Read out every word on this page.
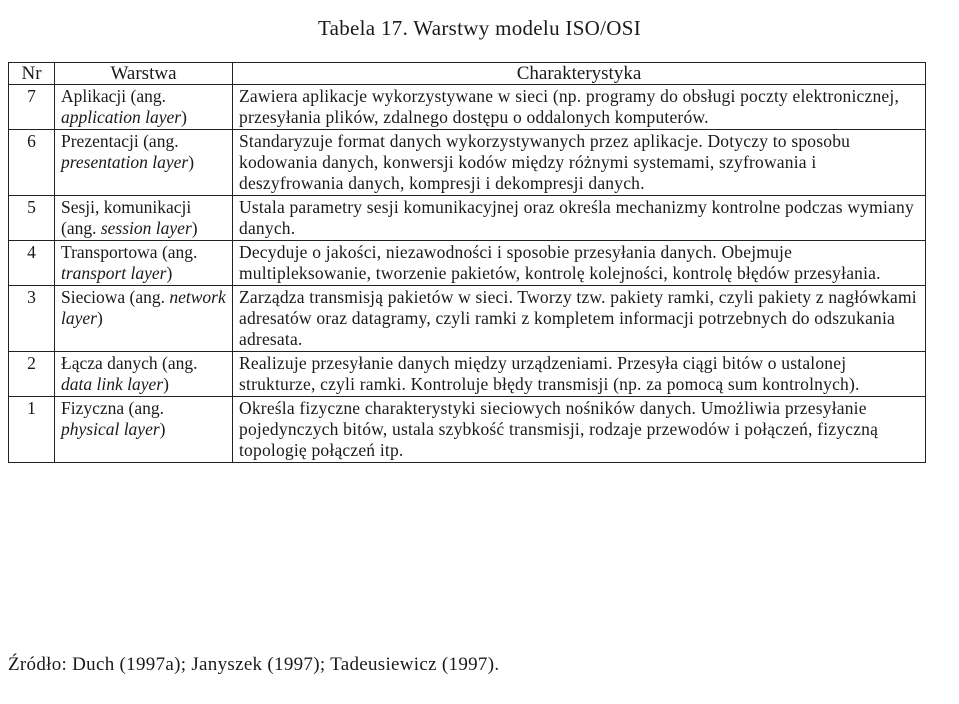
Tabela 17. Warstwy modelu ISO/OSI
Nr	Warstwa	Charakterystyka
7	Aplikacji (ang. application layer)	Zawiera aplikacje wykorzystywane w sieci (np. programy do obsługi poczty elektronicznej, przesyłania plików, zdalnego dostępu o oddalonych komputerów.
6	Prezentacji (ang. presentation layer)	Standaryzuje format danych wykorzystywanych przez aplikacje. Dotyczy to sposobu kodowania danych, konwersji kodów między różnymi systemami, szyfrowania i deszyfrowania danych, kompresji i dekompresji danych.
5	Sesji, komunikacji (ang. session layer)	Ustala parametry sesji komunikacyjnej oraz określa mechanizmy kontrolne podczas wymiany danych.
4	Transportowa (ang. transport layer)	Decyduje o jakości, niezawodności i sposobie przesyłania danych. Obejmuje multipleksowanie, tworzenie pakietów, kontrolę kolejności, kontrolę błędów przesyłania.
3	Sieciowa (ang. network layer)	Zarządza transmisją pakietów w sieci. Tworzy tzw. pakiety ramki, czyli pakiety z nagłówkami adresatów oraz datagramy, czyli ramki z kompletem informacji potrzebnych do odszukania adresata.
2	Łącza danych (ang. data link layer)	Realizuje przesyłanie danych między urządzeniami. Przesyła ciągi bitów o ustalonej strukturze, czyli ramki. Kontroluje błędy transmisji (np. za pomocą sum kontrolnych).
1	Fizyczna (ang. physical layer)	Określa fizyczne charakterystyki sieciowych nośników danych. Umożliwia przesyłanie pojedynczych bitów, ustala szybkość transmisji, rodzaje przewodów i połączeń, fizyczną topologię połączeń itp.
Źródło: Duch (1997a); Janyszek (1997); Tadeusiewicz (1997).
